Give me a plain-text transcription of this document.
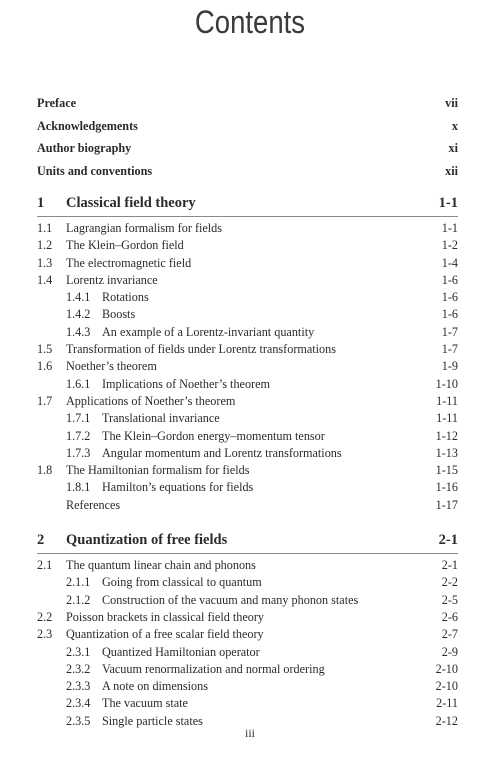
Contents
Preface	vii
Acknowledgements	x
Author biography	xi
Units and conventions	xii
1 Classical field theory	1-1
1.1 Lagrangian formalism for fields	1-1
1.2 The Klein–Gordon field	1-2
1.3 The electromagnetic field	1-4
1.4 Lorentz invariance	1-6
1.4.1 Rotations	1-6
1.4.2 Boosts	1-6
1.4.3 An example of a Lorentz-invariant quantity	1-7
1.5 Transformation of fields under Lorentz transformations	1-7
1.6 Noether’s theorem	1-9
1.6.1 Implications of Noether’s theorem	1-10
1.7 Applications of Noether’s theorem	1-11
1.7.1 Translational invariance	1-11
1.7.2 The Klein–Gordon energy–momentum tensor	1-12
1.7.3 Angular momentum and Lorentz transformations	1-13
1.8 The Hamiltonian formalism for fields	1-15
1.8.1 Hamilton’s equations for fields	1-16
References	1-17
2 Quantization of free fields	2-1
2.1 The quantum linear chain and phonons	2-1
2.1.1 Going from classical to quantum	2-2
2.1.2 Construction of the vacuum and many phonon states	2-5
2.2 Poisson brackets in classical field theory	2-6
2.3 Quantization of a free scalar field theory	2-7
2.3.1 Quantized Hamiltonian operator	2-9
2.3.2 Vacuum renormalization and normal ordering	2-10
2.3.3 A note on dimensions	2-10
2.3.4 The vacuum state	2-11
2.3.5 Single particle states	2-12
iii
